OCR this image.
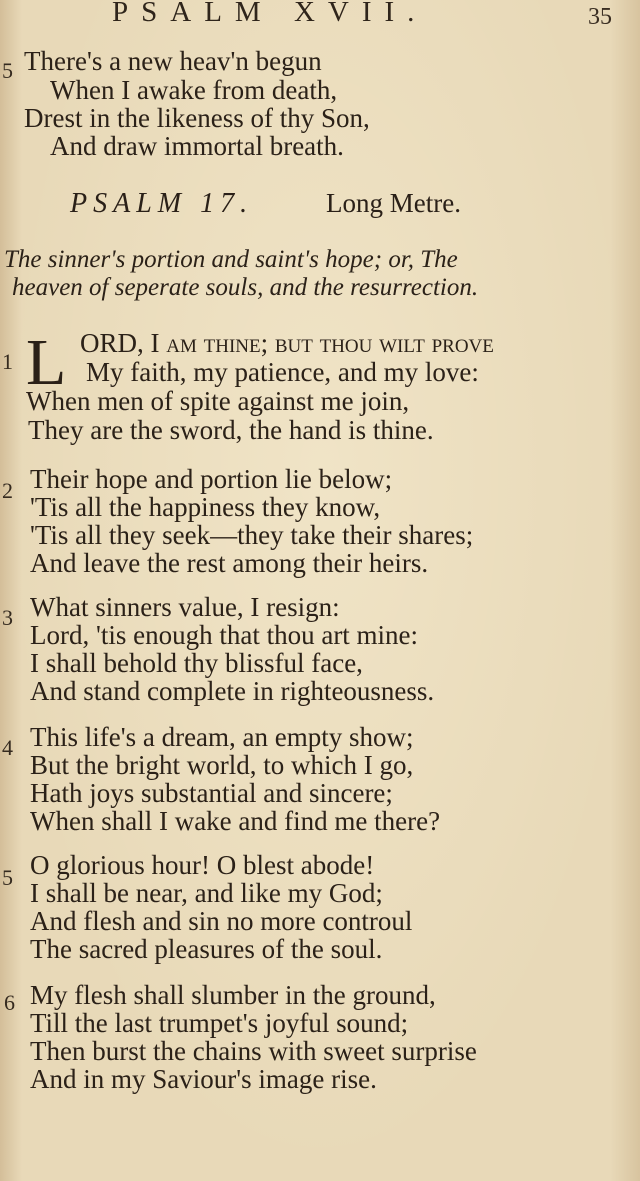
PSALM XVII.	35
5 There's a new heav'n begun
When I awake from death,
Drest in the likeness of thy Son,
And draw immortal breath.
PSALM 17.	Long Metre.
The sinner's portion and saint's hope; or, The
heaven of seperate souls, and the resurrection.
1 L ORD, I am thine; but thou wilt prove
My faith, my patience, and my love:
When men of spite against me join,
They are the sword, the hand is thine.
2 Their hope and portion lie below;
'Tis all the happiness they know,
'Tis all they seek—they take their shares;
And leave the rest among their heirs.
3 What sinners value, I resign:
Lord, 'tis enough that thou art mine:
I shall behold thy blissful face,
And stand complete in righteousness.
4 This life's a dream, an empty show;
But the bright world, to which I go,
Hath joys substantial and sincere;
When shall I wake and find me there?
5 O glorious hour! O blest abode!
I shall be near, and like my God;
And flesh and sin no more controul
The sacred pleasures of the soul.
6 My flesh shall slumber in the ground,
Till the last trumpet's joyful sound;
Then burst the chains with sweet surprise
And in my Saviour's image rise.
